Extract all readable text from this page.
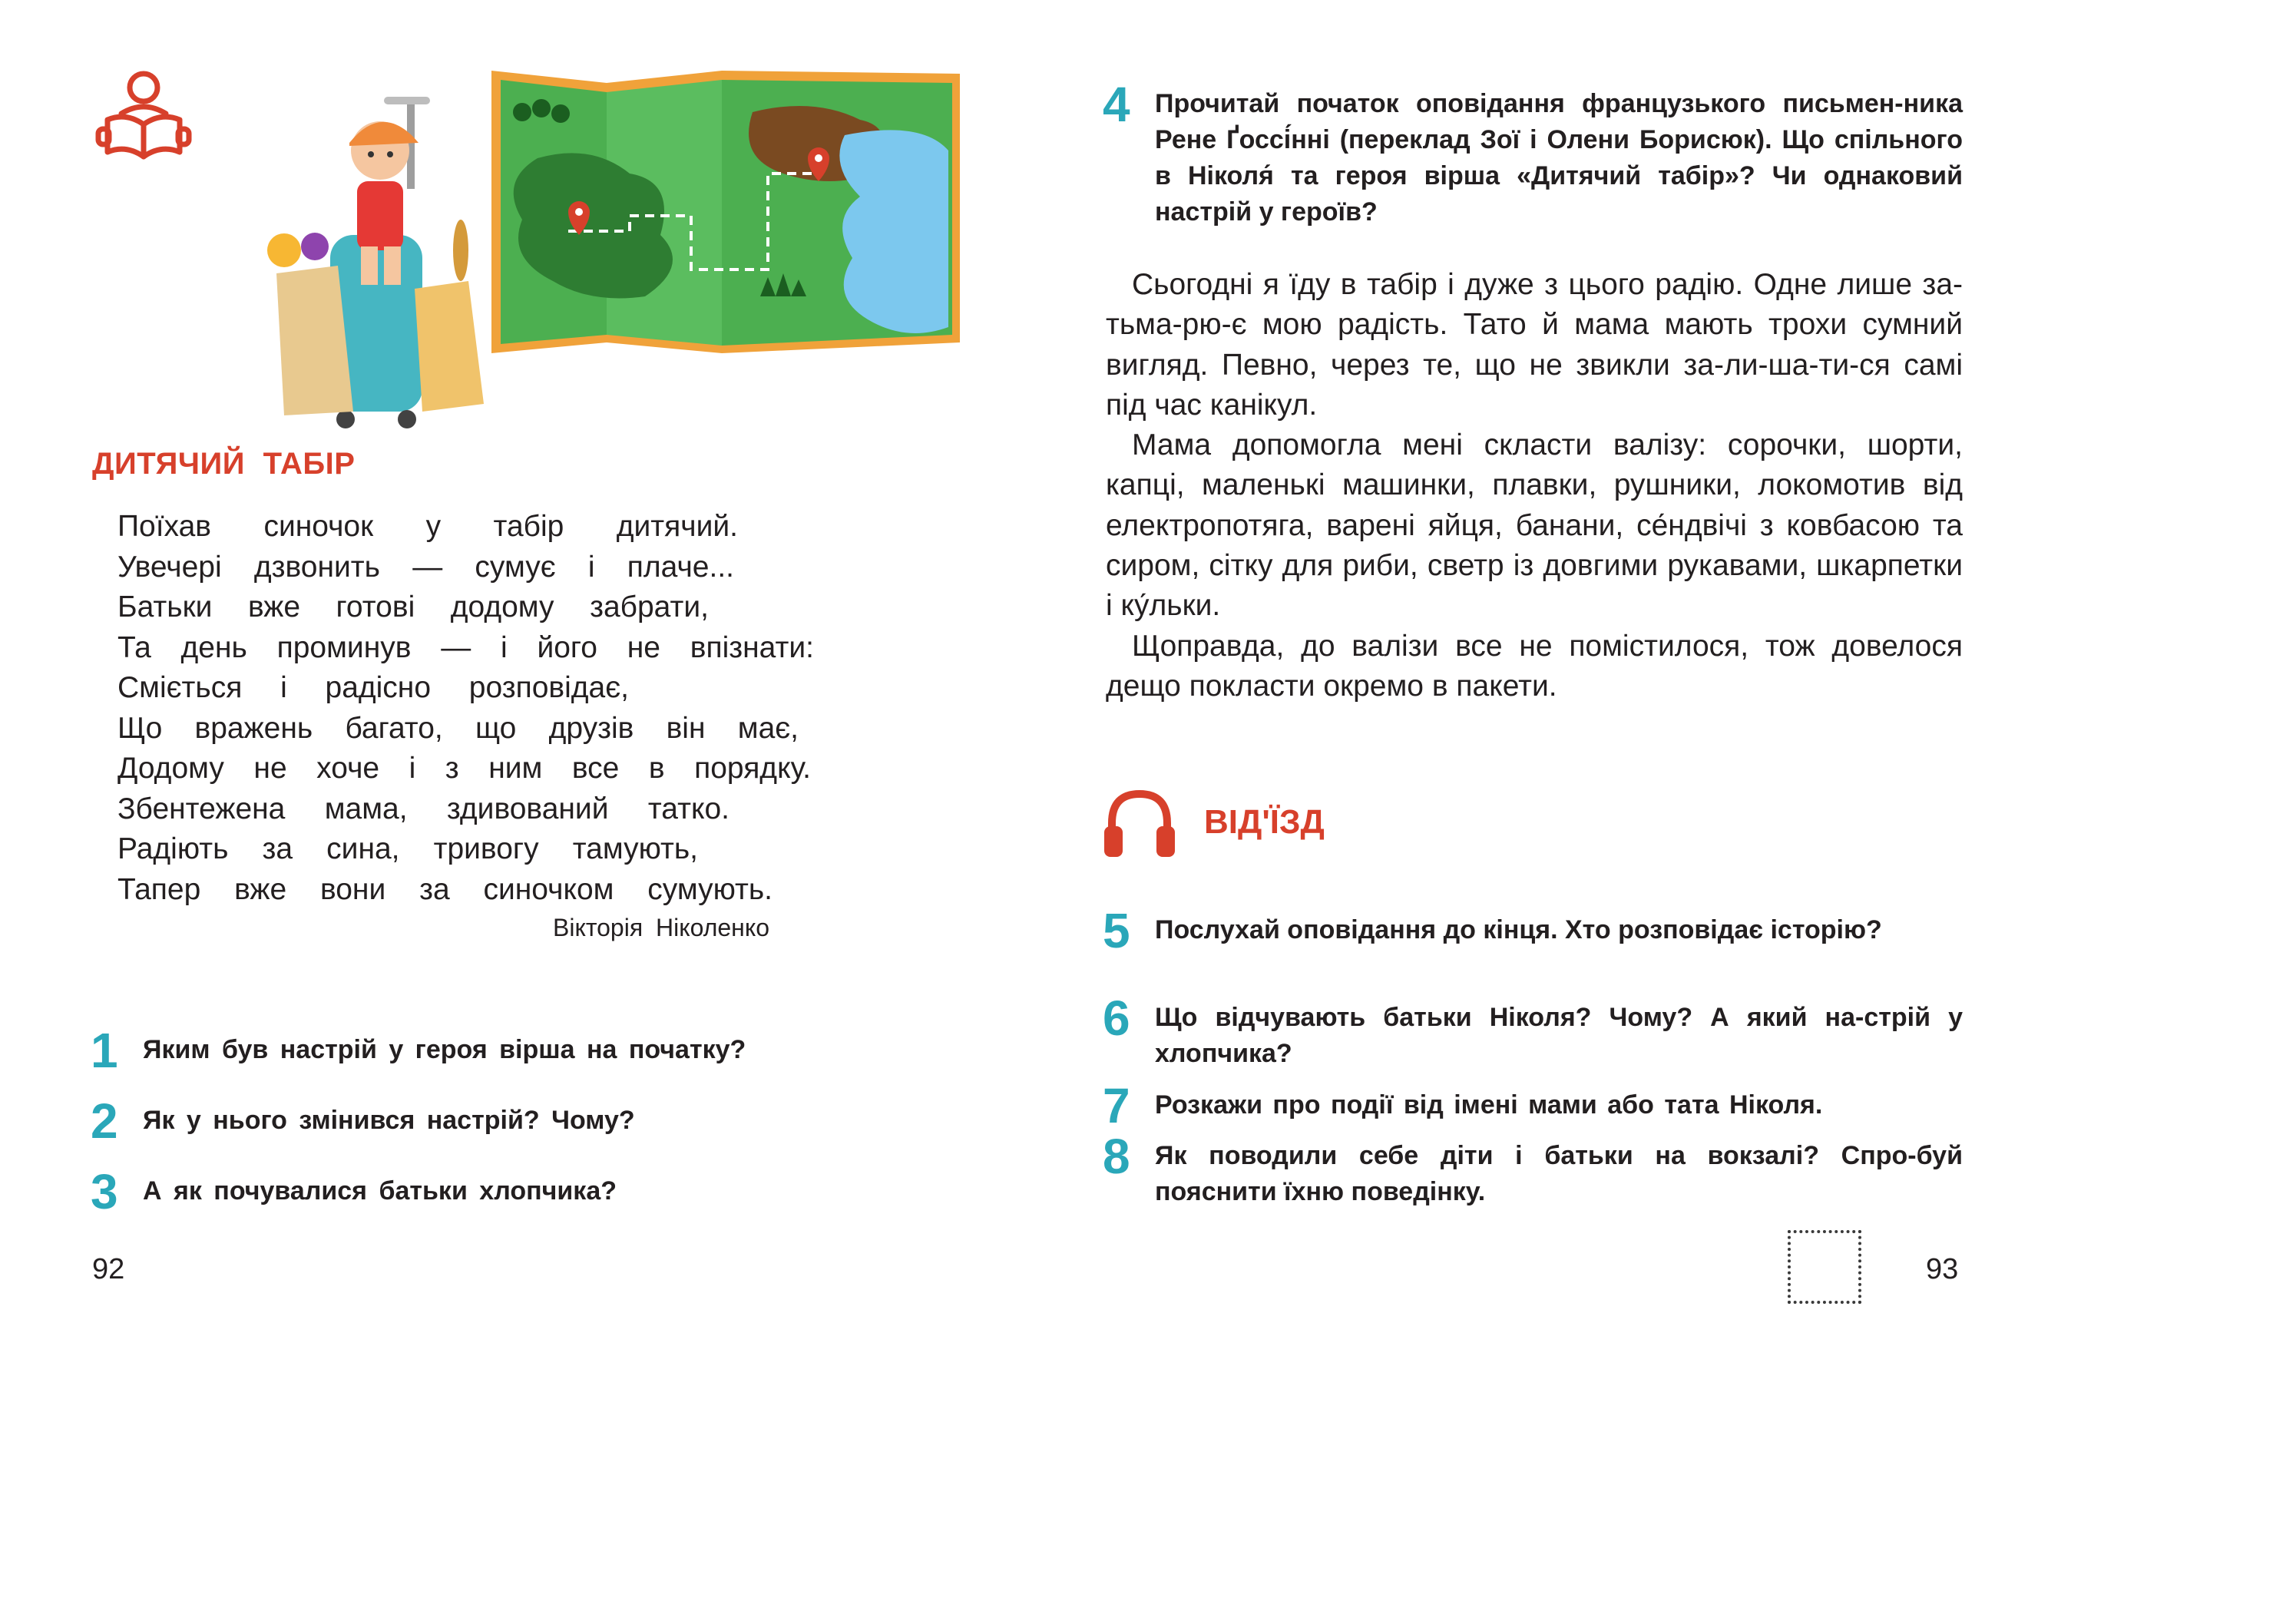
ДИТЯЧИЙ ТАБІР
Поїхав синочок у табір дитячий.
Увечері дзвонить — сумує і плаче...
Батьки вже готові додому забрати,
Та день проминув — і його не впізнати:
Сміється і радісно розповідає,
Що вражень багато, що друзів він має,
Додому не хоче і з ним все в порядку.
Збентежена мама, здивований татко.
Радіють за сина, тривогу тамують,
Тапер вже вони за синочком сумують.
Вікторія Ніколенко
1 Яким був настрій у героя вірша на початку?
2 Як у нього змінився настрій? Чому?
3 А як почувалися батьки хлопчика?
92
4 Прочитай початок оповідання французького письмен-ника Рене Ґоссі́нні (переклад Зої і Олени Борисюк). Що спільного в Ніколя́ та героя вірша «Дитячий табір»? Чи однаковий настрій у героїв?

Сьогодні я їду в табір і дуже з цього радію. Одне лише за-тьма-рю-є мою радість. Тато й мама мають трохи сумний вигляд. Певно, через те, що не звикли за-ли-ша-ти-ся самі під час канікул.

Мама допомогла мені скласти валізу: сорочки, шорти, капці, маленькі машинки, плавки, рушники, локомотив від електропотяга, варені яйця, банани, се́ндвічі з ковбасою та сиром, сітку для риби, светр із довгими рукавами, шкарпетки і ку́льки.

Щоправда, до валізи все не помістилося, тож довелося дещо покласти окремо в пакети.

ВІД'ЇЗД
5 Послухай оповідання до кінця. Хто розповідає історію?
6 Що відчувають батьки Ніколя? Чому? А який на-стрій у хлопчика?
7 Розкажи про події від імені мами або тата Ніколя.
8 Як поводили себе діти і батьки на вокзалі? Спро-буй пояснити їхню поведінку.
93
